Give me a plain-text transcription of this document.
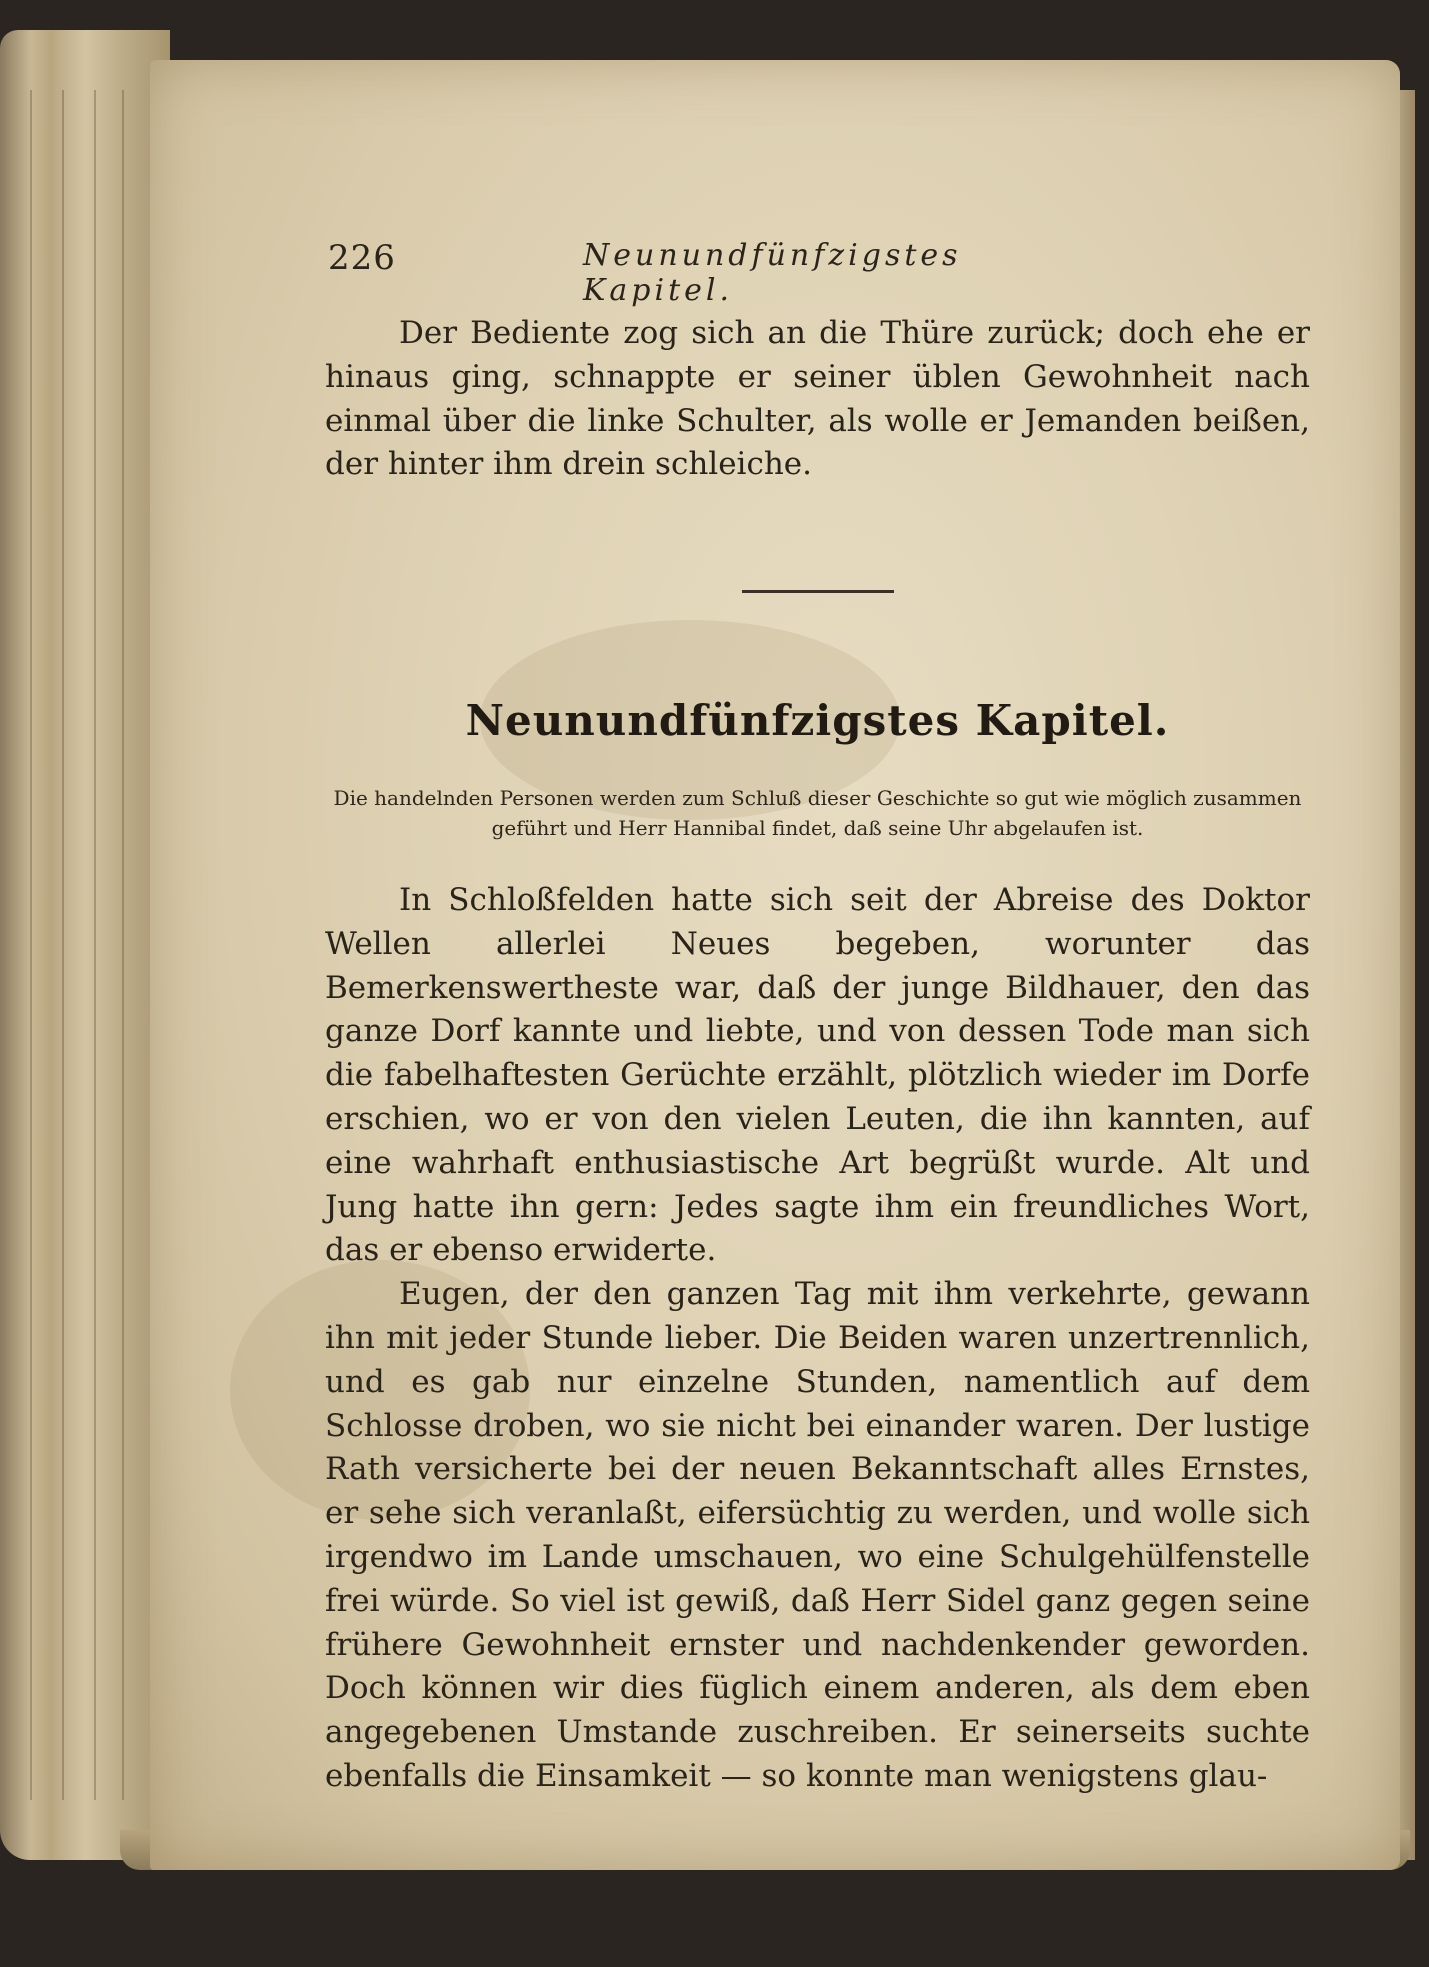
226	Neunundfünfzigstes Kapitel.

Der Bediente zog sich an die Thüre zurück; doch ehe er hinaus ging, schnappte er seiner üblen Gewohnheit nach einmal über die linke Schulter, als wolle er Jemanden beißen, der hinter ihm drein schleiche.

Neunundfünfzigstes Kapitel.
Die handelnden Personen werden zum Schluß dieser Geschichte so gut wie möglich zusammen geführt und Herr Hannibal findet, daß seine Uhr abgelaufen ist.

In Schloßfelden hatte sich seit der Abreise des Doktor Wellen allerlei Neues begeben, worunter das Bemerkenswertheste war, daß der junge Bildhauer, den das ganze Dorf kannte und liebte, und von dessen Tode man sich die fabelhaftesten Gerüchte erzählt, plötzlich wieder im Dorfe erschien, wo er von den vielen Leuten, die ihn kannten, auf eine wahrhaft enthusiastische Art begrüßt wurde. Alt und Jung hatte ihn gern: Jedes sagte ihm ein freundliches Wort, das er ebenso erwiderte.

Eugen, der den ganzen Tag mit ihm verkehrte, gewann ihn mit jeder Stunde lieber. Die Beiden waren unzertrennlich, und es gab nur einzelne Stunden, namentlich auf dem Schlosse droben, wo sie nicht bei einander waren. Der lustige Rath versicherte bei der neuen Bekanntschaft alles Ernstes, er sehe sich veranlaßt, eifersüchtig zu werden, und wolle sich irgendwo im Lande umschauen, wo eine Schulgehülfenstelle frei würde. So viel ist gewiß, daß Herr Sidel ganz gegen seine frühere Gewohnheit ernster und nachdenkender geworden. Doch können wir dies füglich einem anderen, als dem eben angegebenen Umstande zuschreiben. Er seinerseits suchte ebenfalls die Einsamkeit — so konnte man wenigstens glau-
